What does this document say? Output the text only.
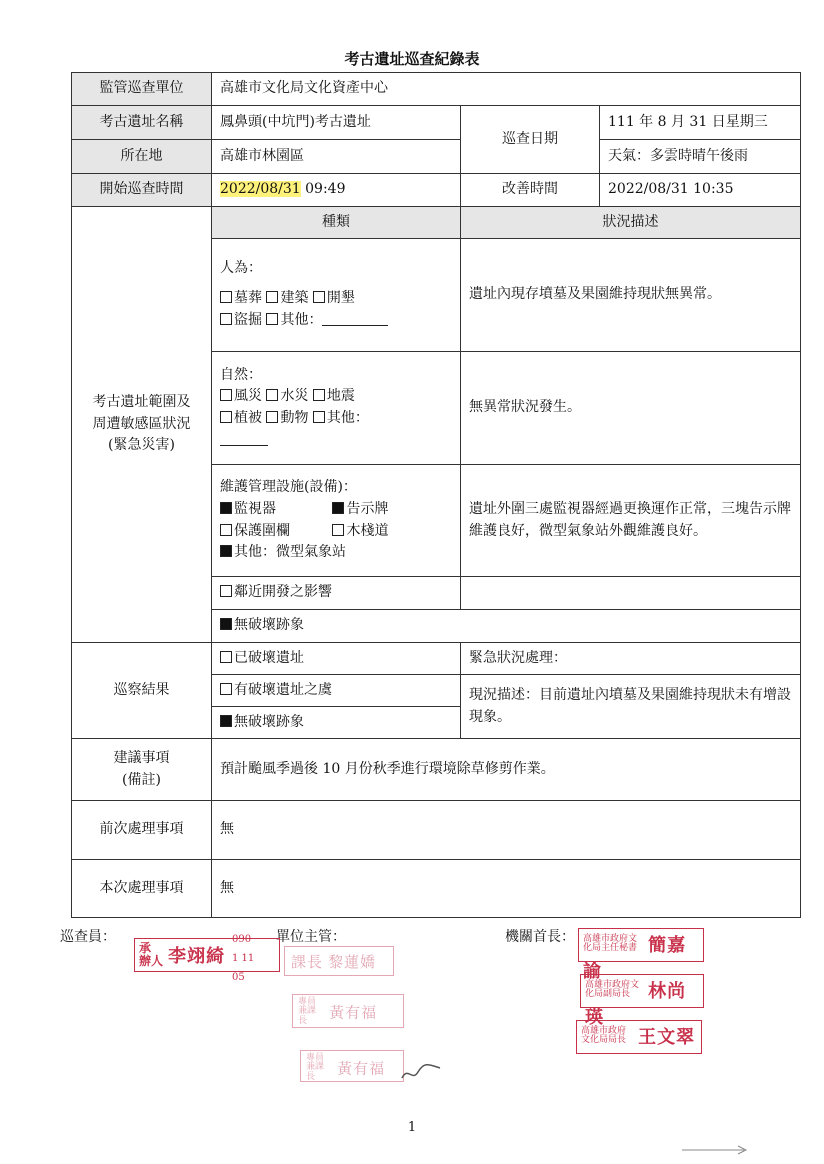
考古遺址巡查紀錄表
監管巡查單位	高雄市文化局文化資產中心		
考古遺址名稱	鳳鼻頭(中坑門)考古遺址	巡查日期	111 年 8 月 31 日星期三
所在地	高雄市林園區		天氣：多雲時晴午後雨
開始巡查時間	2022/08/31 09:49	改善時間	2022/08/31 10:35

考古遺址範圍及
周遭敏感區狀況
(緊急災害)	種類	狀況描述	

	人為：
墓葬 建築 開墾
盜掘 其他：	遺址內現存墳墓及果園維持現狀無異常。	

	自然：
風災 水災 地震
植被 動物 其他：	無異常狀況發生。	

	維護管理設施(設備)：
監視器 告示牌
保護圍欄 木棧道
其他：微型氣象站	遺址外圍三處監視器經過更換運作正常，三塊告示牌維護良好，微型氣象站外觀維護良好。	
	鄰近開發之影響		
	無破壞跡象		

巡察結果	已破壞遺址	緊急狀況處理：	
	有破壞遺址之虞	現況描述：目前遺址內墳墓及果園維持現狀未有增設現象。	
	無破壞跡象		

建議事項
(備註)	預計颱風季過後 10 月份秋季進行環境除草修剪作業。		
前次處理事項	無		
本次處理事項	無		
巡查員：	單位主管：	機關首長：
承
辦人 李翊綺
0901 1105
課長 黎蓮嬌
專員兼課長 黃有福
專員兼課長 黃有福
高雄市政府文化局主任秘書 簡嘉諭
高雄市政府文化局副局長 林尚瑛
高雄市政府文化局局長 王文翠
1
